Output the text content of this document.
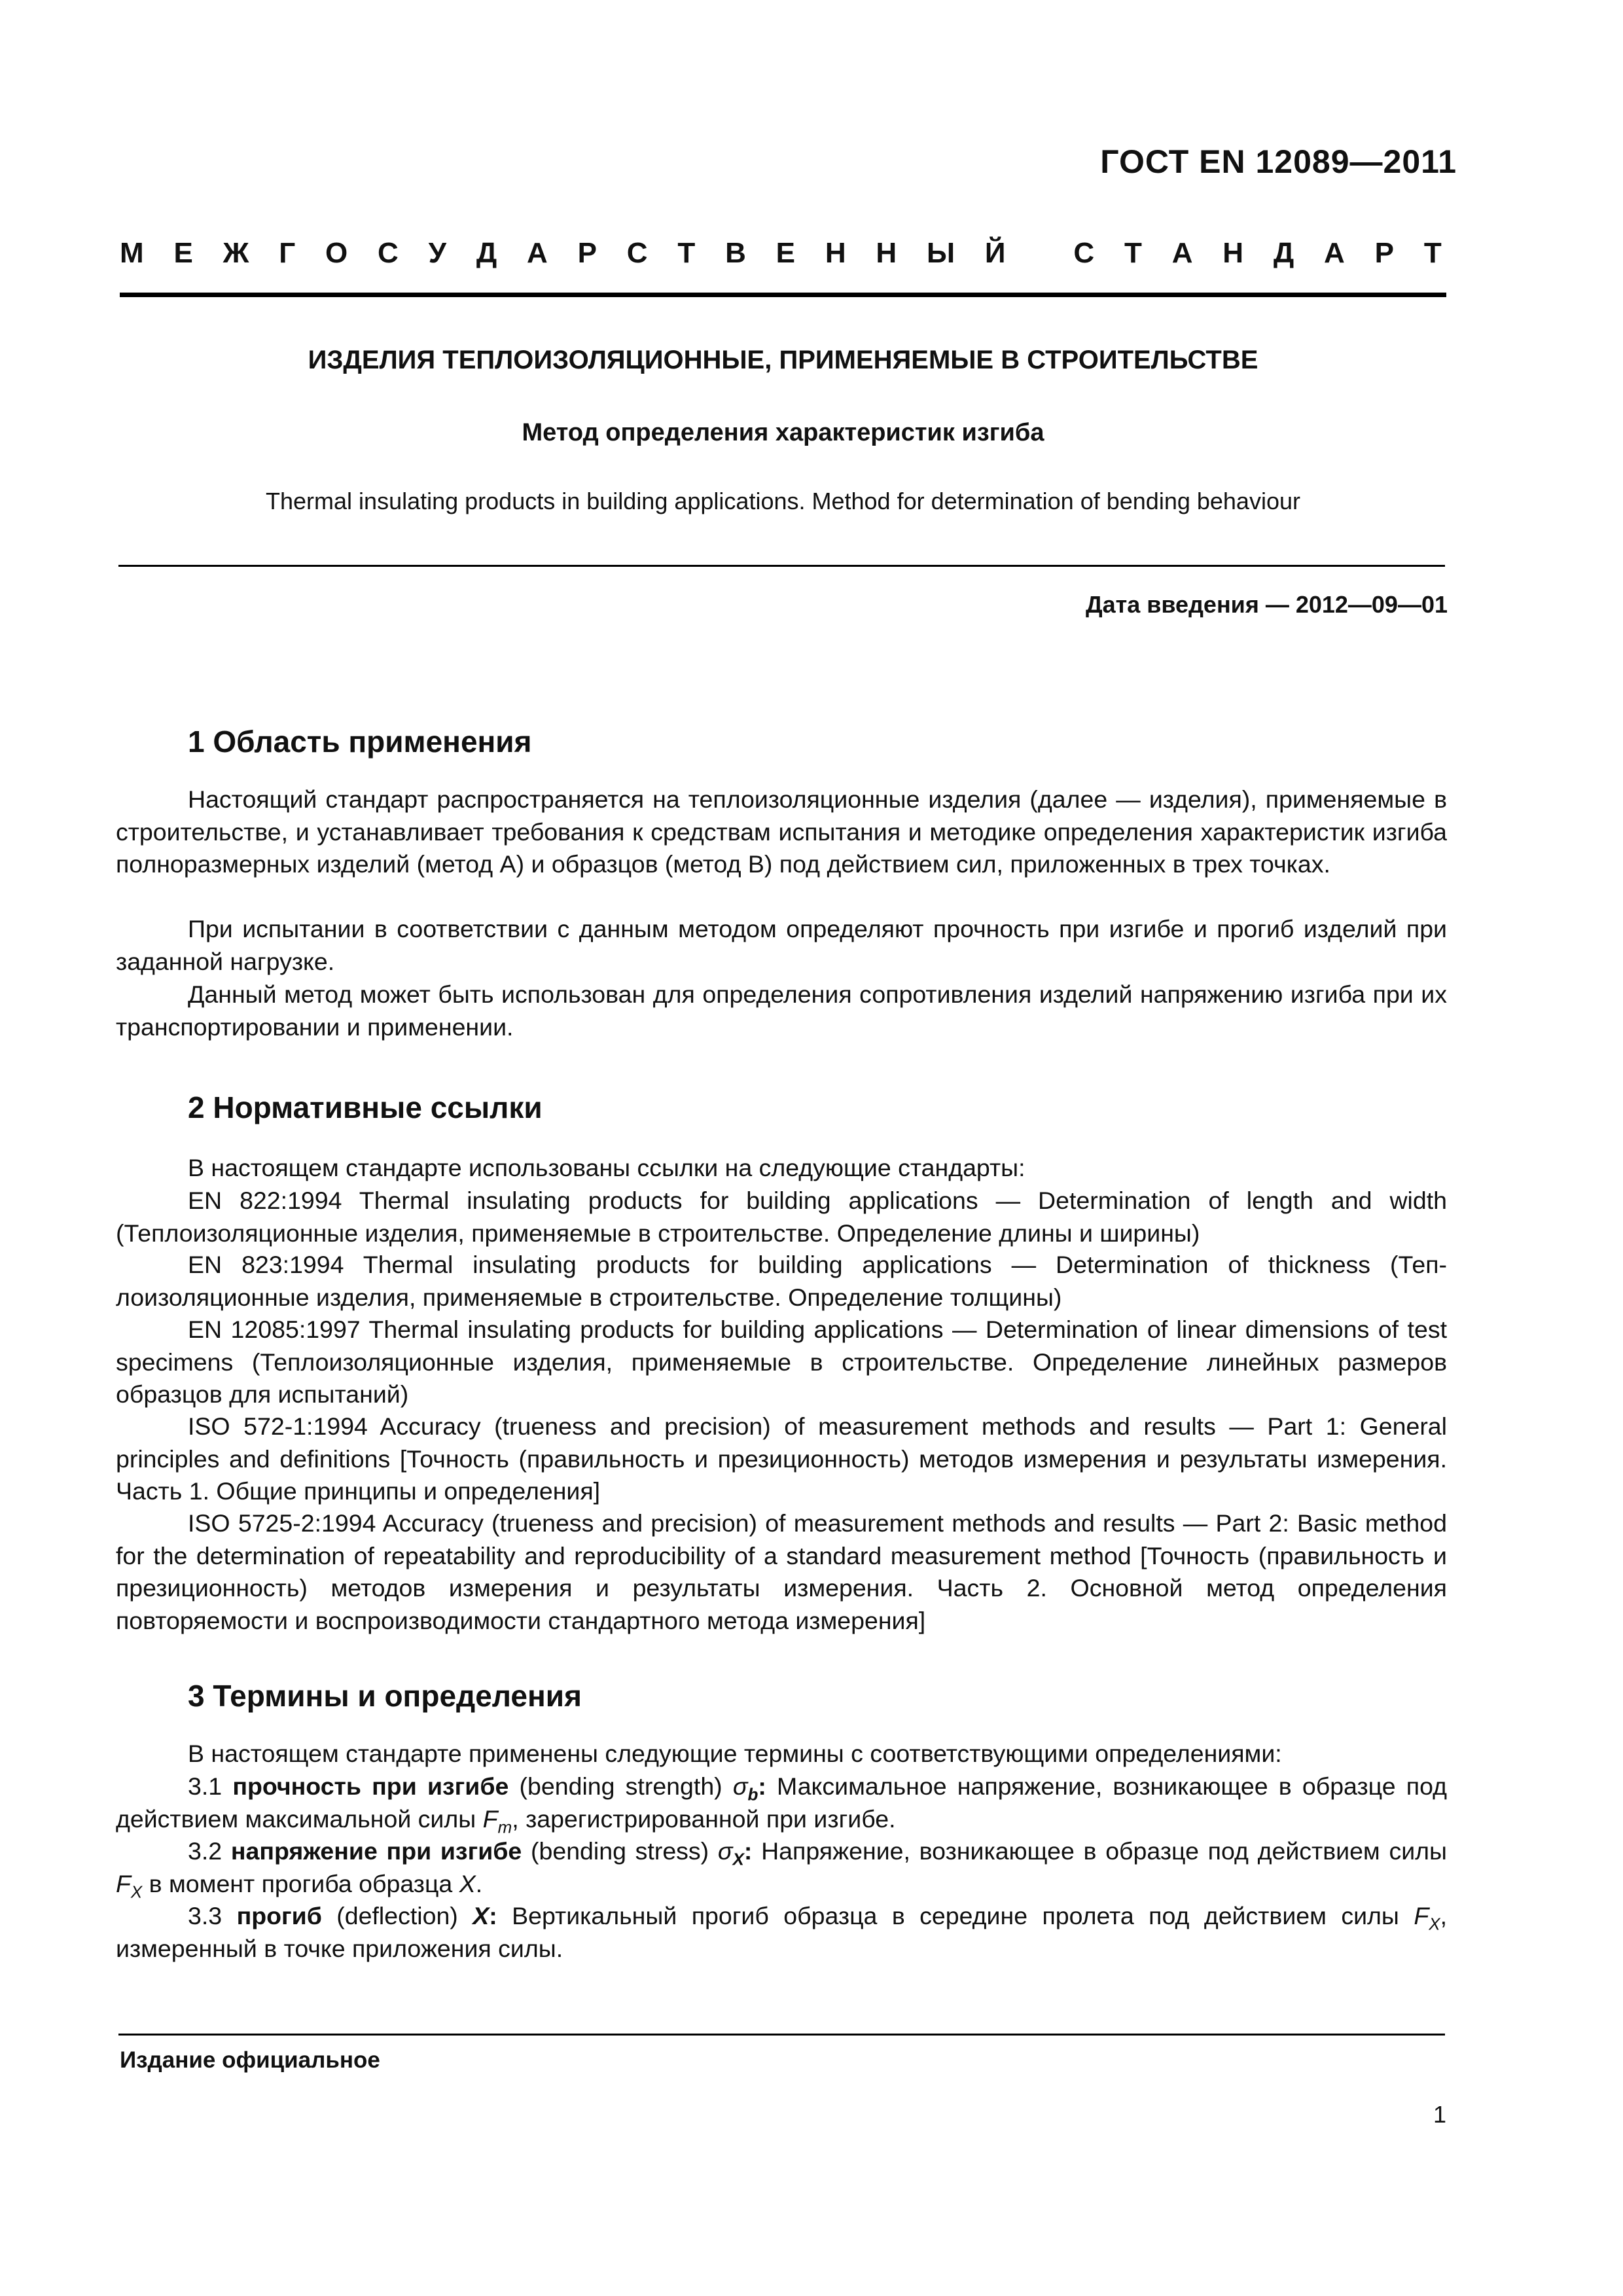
ГОСТ EN 12089—2011
М Е Ж Г О С У Д А Р С Т В Е Н Н Ы Й
С Т А Н Д А Р Т
ИЗДЕЛИЯ ТЕПЛОИЗОЛЯЦИОННЫЕ, ПРИМЕНЯЕМЫЕ В СТРОИТЕЛЬСТВЕ
Метод определения характеристик изгиба
Thermal insulating products in building applications. Method for determination of bending behaviour
Дата введения — 2012—09—01
1 Область применения

Настоящий стандарт распространяется на теплоизоляционные изделия (далее — изделия), применяемые в строительстве, и устанавливает требования к средствам испытания и методике определения характеристик изгиба полноразмерных изделий (метод А) и образцов (метод В) под действием сил, приложенных в трех точках.

При испытании в соответствии с данным методом определяют прочность при изгибе и прогиб изделий при заданной нагрузке.

Данный метод может быть использован для определения сопротивления изделий напряжению изгиба при их транспортировании и применении.

2 Нормативные ссылки

В настоящем стандарте использованы ссылки на следующие стандарты:

EN 822:1994 Thermal insulating products for building applications — Determination of length and width (Теплоизоляционные изделия, применяемые в строительстве. Определение длины и ширины)

EN 823:1994 Thermal insulating products for building applications — Determination of thickness (Теплоизоляционные изделия, применяемые в строительстве. Определение толщины)

EN 12085:1997 Thermal insulating products for building applications — Determination of linear dimensions of test specimens (Теплоизоляционные изделия, применяемые в строительстве. Определение линейных размеров образцов для испытаний)

ISO 572-1:1994 Accuracy (trueness and precision) of measurement methods and results — Part 1: General principles and definitions [Точность (правильность и презиционность) методов измерения и результаты измерения. Часть 1. Общие принципы и определения]

ISO 5725-2:1994 Accuracy (trueness and precision) of measurement methods and results — Part 2: Basic method for the determination of repeatability and reproducibility of a standard measurement method [Точность (правильность и презиционность) методов измерения и результаты измерения. Часть 2. Основной метод определения повторяемости и воспроизводимости стандартного метода измерения]

3 Термины и определения

В настоящем стандарте применены следующие термины с соответствующими определениями:

3.1 прочность при изгибе (bending strength) $\sigma_b$: Максимальное напряжение, возникающее в образце под действием максимальной силы $F_m$, зарегистрированной при изгибе.

3.2 напряжение при изгибе (bending stress) $\sigma_X$: Напряжение, возникающее в образце под действием силы $F_X$ в момент прогиба образца X.

3.3 прогиб (deflection) X: Вертикальный прогиб образца в середине пролета под действием силы $F_X$, измеренный в точке приложения силы.

Издание официальное
1
